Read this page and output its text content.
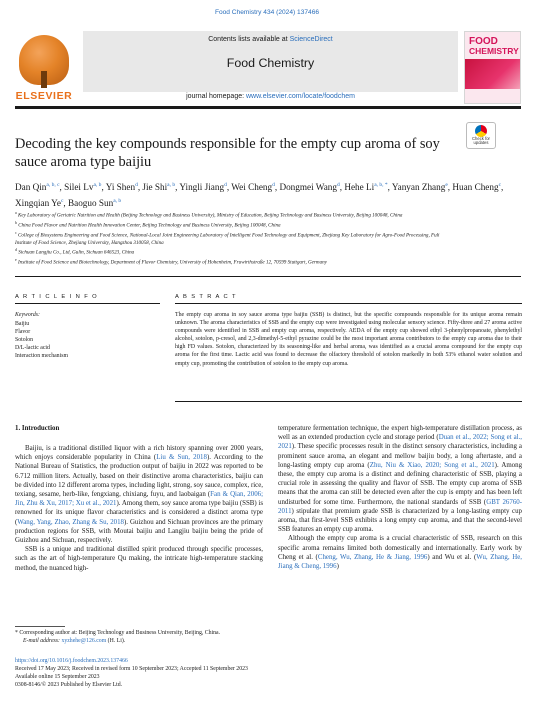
Food Chemistry 434 (2024) 137466
ELSEVIER
Contents lists available at ScienceDirect
Food Chemistry
journal homepage: www.elsevier.com/locate/foodchem
FOOD
CHEMISTRY
Decoding the key compounds responsible for the empty cup aroma of soy sauce aroma type baijiu
Check for updates
Dan Qin$^{a, b, c}$, Silei Lv$^{a, b}$, Yi Shen$^d$, Jie Shi$^{a, b}$, Yingli Jiang$^d$, Wei Cheng$^d$, Dongmei Wang$^d$, Hehe $Li^{a, b, *}$, Yanyan Zhang$^e$, Huan Cheng$^c$, Xingqian Ye$^c$, Baoguo Sun$^{a, b}$
$^a$ Key Laboratory of Geriatric Nutrition and Health (Beijing Technology and Business University), Ministry of Education, Beijing Technology and Business University, Beijing 100048, China
$^b$ China Food Flavor and Nutrition Health Innovation Center, Beijing Technology and Business University, Beijing 100048, China
$^c$ College of Biosystems Engineering and Food Science, National-Local Joint Engineering Laboratory of Intelligent Food Technology and Equipment, Zhejiang Key Laboratory for Agro-Food Processing, Fuli Institute of Food Science, Zhejiang University, Hangzhou 310058, China
$^d$ Sichuan Langjiu Co., Ltd, Gulin, Sichuan 646523, China
$^e$ Institute of Food Science and Biotechnology, Department of Flavor Chemistry, University of Hohenheim, Fruwirthstraße 12, 70599 Stuttgart, Germany
A R T I C L E I N F O	A B S T R A C T
Keywords:
Baijiu
Flavor
Sotolon
D/L-lactic acid
Interaction mechanism
The empty cup aroma in soy sauce aroma type baijiu (SSB) is distinct, but the specific compounds responsible for its unique aroma remain unknown. The aroma characteristics of SSB and the empty cup were investigated using molecular sensory science. Fifty-three and 27 aroma active compounds were identified in SSB and empty cup aroma, respectively. AEDA of the empty cup showed ethyl 3-phenylpropanoate, phenylethyl alcohol, sotolon, p-cresol, and 2,3-dimethyl-5-ethyl pyrazine could be the most important aroma contributors to the empty cup aroma due to their high FD values. Sotolon, characterized by its seasoning-like and herbal aroma, was identified as a crucial aroma compound for the empty cup aroma for the first time. Lactic acid was found to decrease the olfactory threshold of sotolon markedly in both 53% ethanol water solution and empty cup, promoting the contribution of sotolon to the empty cup aroma.
1. Introduction

Baijiu, is a traditional distilled liquor with a rich history spanning over 2000 years, which enjoys considerable popularity in China (Liu & Sun, 2018). According to the National Bureau of Statistics, the production output of baijiu in 2022 was reported to be 6.712 million liters. Actually, based on their distinctive aroma characteristics, baijiu can be divided into 12 different aroma types, including light, strong, soy sauce, complex, rice, texiang, sesame, herb-like, fengxiang, chixiang, fuyu, and laobaigan (Fan & Qian, 2006; Jin, Zhu & Xu, 2017; Xu et al., 2021). Among them, soy sauce aroma type baijiu (SSB) is renowned for its unique flavor characteristics and is considered a distinct aroma type (Wang, Yang, Zhao, Zhang & Su, 2018). Guizhou and Sichuan provinces are the primary production regions for SSB, with Moutai baijiu and Langjiu baijiu being the pride of Guizhou and Sichuan, respectively.

SSB is a unique and traditional distilled spirit produced through specific processes, such as the art of high-temperature Qu making, the intricate high-temperature stacking method, the nuanced high-

temperature fermentation technique, the expert high-temperature distillation process, as well as an extended production cycle and storage period (Duan et al., 2022; Song et al., 2021). These specific processes result in the distinct sensory characteristics, including a prominent sauce aroma, an elegant and mellow baijiu body, a long aftertaste, and a long-lasting empty cup aroma (Zhu, Niu & Xiao, 2020; Song et al., 2021). Among these, the empty cup aroma is a distinct and defining characteristic of SSB, playing a crucial role in assessing the quality and flavor of SSB. The empty cup aroma of SSB means that the aroma can still be detected even after the cup is empty and has been left undisturbed for some time. Furthermore, the national standards of SSB (GBT 26760-2011) stipulate that premium grade SSB is characterized by a long-lasting empty cup aroma, that first-level SSB exhibits a long empty cup aroma, and that the second-level SSB features an empty cup aroma.

Although the empty cup aroma is a crucial characteristic of SSB, research on this specific aroma remains limited both domestically and internationally. Early work by Cheng et al. (Cheng, Wu, Zhang, He & Jiang, 1996) and Wu et al. (Wu, Zhang, He, Jiang & Cheng, 1996)

* Corresponding author at: Beijing Technology and Business University, Beijing, China.
E-mail address: xyzhehe@126.com (H. Li).
https://doi.org/10.1016/j.foodchem.2023.137466
Received 17 May 2023; Received in revised form 10 September 2023; Accepted 11 September 2023
Available online 15 September 2023
0308-8146/© 2023 Published by Elsevier Ltd.
